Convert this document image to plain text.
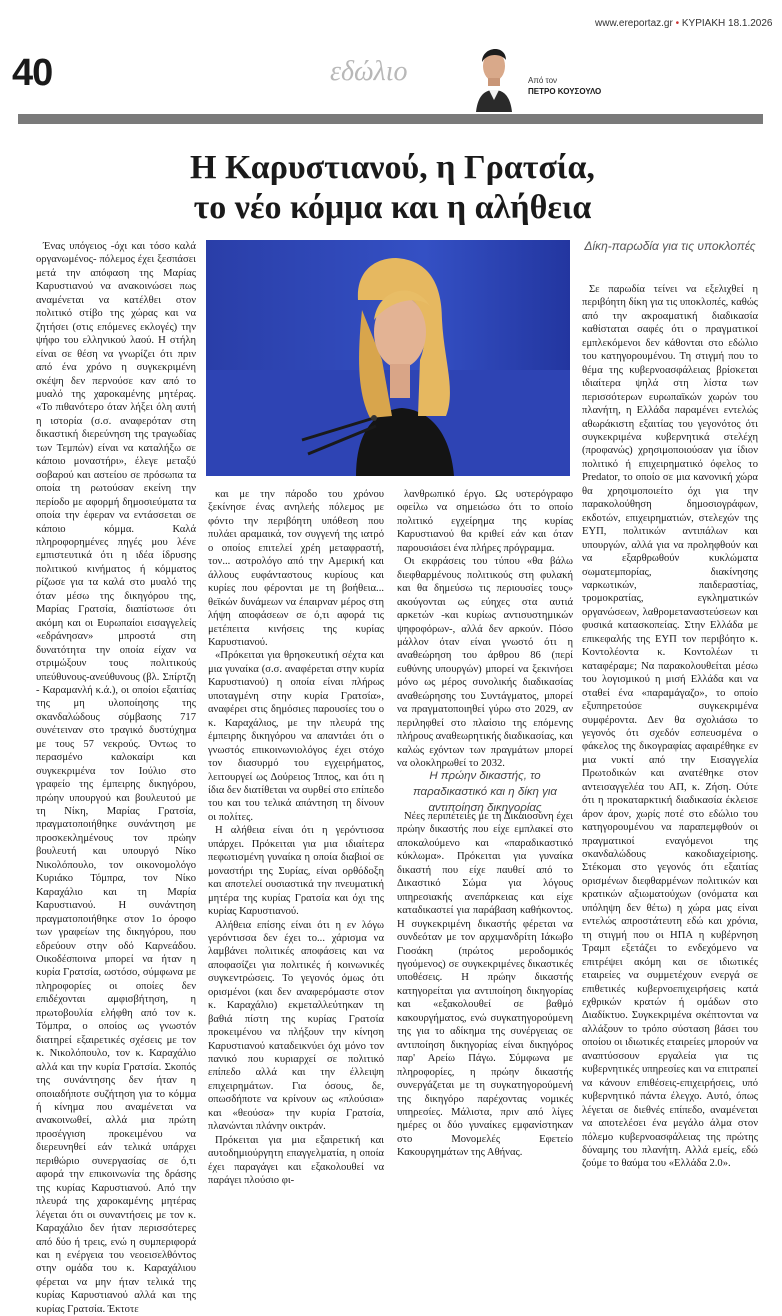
www.ereportaz.gr • ΚΥΡΙΑΚΗ 18.1.2026
40	εδώλιο	Από τον
ΠΕΤΡΟ ΚΟΥΣΟΥΛΟ
Η Καρυστιανού, η Γρατσία,
το νέο κόμμα και η αλήθεια

Ένας υπόγειος -όχι και τόσο καλά οργανωμένος- πόλεμος έχει ξεσπάσει μετά την απόφαση της Μαρίας Καρυστιανού να ανακοινώσει πως αναμένεται να κατέλθει στον πολιτικό στίβο της χώρας και να ζητήσει (στις επόμενες εκλογές) την ψήφο του ελληνικού λαού. Η στήλη είναι σε θέση να γνωρίζει ότι πριν από ένα χρόνο η συγκεκριμένη σκέψη δεν περνούσε καν από το μυαλό της χαροκαμένης μητέρας. «Το πιθανότερο όταν λήξει όλη αυτή η ιστορία (σ.σ. αναφερόταν στη δικαστική διερεύνηση της τραγωδίας των Τεμπών) είναι να καταλήξω σε κάποιο μοναστήρι», έλεγε μεταξύ σοβαρού και αστείου σε πρόσωπα τα οποία τη ρωτούσαν εκείνη την περίοδο με αφορμή δημοσιεύματα τα οποία την έφεραν να εντάσσεται σε κάποιο κόμμα. Καλά πληροφορημένες πηγές μου λένε εμπιστευτικά ότι η ιδέα ίδρυσης πολιτικού κινήματος ή κόμματος ρίζωσε για τα καλά στο μυαλό της όταν μέσω της δικηγόρου της, Μαρίας Γρατσία, διαπίστωσε ότι ακόμη και οι Ευρωπαίοι εισαγγελείς «εδράνησαν» μπροστά στη δυνατότητα την οποία είχαν να στριμώξουν τους πολιτικούς υπεύθυνους-ανεύθυνους (βλ. Σπίρτζη - Καραμανλή κ.ά.), οι οποίοι εξαιτίας της μη υλοποίησης της σκανδαλώδους σύμβασης 717 συνέτειναν στο τραγικό δυστύχημα με τους 57 νεκρούς. Όντως το περασμένο καλοκαίρι και συγκεκριμένα τον Ιούλιο στο γραφείο της έμπειρης δικηγόρου, πρώην υπουργού και βουλευτού με τη Νίκη, Μαρίας Γρατσία, πραγματοποιήθηκε συνάντηση με προσκεκλημένους τον πρώην βουλευτή και υπουργό Νίκο Νικολόπουλο, τον οικονομολόγο Κυριάκο Τόμπρα, τον Νίκο Καραχάλιο και τη Μαρία Καρυστιανού. Η συνάντηση πραγματοποιήθηκε στον 1ο όροφο των γραφείων της δικηγόρου, που εδρεύουν στην οδό Καρνεάδου. Οικοδέσποινα μπορεί να ήταν η κυρία Γρατσία, ωστόσο, σύμφωνα με πληροφορίες οι οποίες δεν επιδέχονται αμφισβήτηση, η πρωτοβουλία ελήφθη από τον κ. Τόμπρα, ο οποίος ως γνωστόν διατηρεί εξαιρετικές σχέσεις με τον κ. Νικολόπουλο, τον κ. Καραχάλιο αλλά και την κυρία Γρατσία. Σκοπός της συνάντησης δεν ήταν η οποιαδήποτε συζήτηση για το κόμμα ή κίνημα που αναμένεται να ανακοινωθεί, αλλά μια πρώτη προσέγγιση προκειμένου να διερευνηθεί εάν τελικά υπάρχει περιθώριο συνεργασίας σε ό,τι αφορά την επικοινωνία της δράσης της κυρίας Καρυστιανού. Από την πλευρά της χαροκαμένης μητέρας λέγεται ότι οι συναντήσεις με τον κ. Καραχάλιο δεν ήταν περισσότερες από δύο ή τρεις, ενώ η συμπεριφορά και η ενέργεια του νεοεισελθόντος στην ομάδα του κ. Καραχάλιου φέρεται να μην ήταν τελικά της κυρίας Καρυστιανού αλλά και της κυρίας Γρατσία. Έκτοτε

και με την πάροδο του χρόνου ξεκίνησε ένας ανηλεής πόλεμος με φόντο την περιβόητη υπόθεση που πυλάει αραμαικά, τον συγγενή της ιατρό ο οποίος επιτελεί χρέη μεταφραστή, τον... αστρολόγο από την Αμερική και άλλους ευφάνταστους κυρίους και κυρίες που φέρονται με τη βοήθεια... θεϊκών δυνάμεων να έπαιρναν μέρος στη λήψη αποφάσεων σε ό,τι αφορά τις μετέπειτα κινήσεις της κυρίας Καρυστιανού.

«Πρόκειται για θρησκευτική σέχτα και μια γυναίκα (σ.σ. αναφέρεται στην κυρία Καρυστιανού) η οποία είναι πλήρως υποταγμένη στην κυρία Γρατσία», αναφέρει στις δημόσιες παρουσίες του ο κ. Καραχάλιος, με την πλευρά της έμπειρης δικηγόρου να απαντάει ότι ο γνωστός επικοινωνιολόγος έχει στόχο τον διασυρμό του εγχειρήματος, λειτουργεί ως Δούρειος Ίππος, και ότι η ίδια δεν διατίθεται να συρθεί στο επίπεδο του και του τελικά απάντηση τη δίνουν οι πολίτες.

Η αλήθεια είναι ότι η γερόντισσα υπάρχει. Πρόκειται για μια ιδιαίτερα πεφωτισμένη γυναίκα η οποία διαβιοί σε μοναστήρι της Συρίας, είναι ορθόδοξη και αποτελεί ουσιαστικά την πνευματική μητέρα της κυρίας Γρατσία και όχι της κυρίας Καρυστιανού.

Αλήθεια επίσης είναι ότι η εν λόγω γερόντισσα δεν έχει το... χάρισμα να λαμβάνει πολιτικές αποφάσεις και να αποφασίζει για πολιτικές ή κοινωνικές συγκεντρώσεις. Το γεγονός όμως ότι ορισμένοι (και δεν αναφερόμαστε στον κ. Καραχάλιο) εκμεταλλεύτηκαν τη βαθιά πίστη της κυρίας Γρατσία προκειμένου να πλήξουν την κίνηση Καρυστιανού καταδεικνύει όχι μόνο τον πανικό που κυριαρχεί σε πολιτικό επίπεδο αλλά και την έλλειψη επιχειρημάτων. Για όσους, δε, οπωσδήποτε να κρίνουν ως «πλούσια» και «θεούσα» την κυρία Γρατσία, πλανώνται πλάνην οικτράν.

Πρόκειται για μια εξαιρετική και αυτοδημιούργητη επαγγελματία, η οποία έχει παραγάγει και εξακολουθεί να παράγει πλούσιο φι-

λανθρωπικό έργο. Ως υστερόγραφο οφείλω να σημειώσω ότι το οποίο πολιτικό εγχείρημα της κυρίας Καρυστιανού θα κριθεί εάν και όταν παρουσιάσει ένα πλήρες πρόγραμμα.

Οι εκφράσεις του τύπου «θα βάλω διεφθαρμένους πολιτικούς στη φυλακή και θα δημεύσω τις περιουσίες τους» ακούγονται ως εύηχες στα αυτιά αρκετών -και κυρίως αντισυστημικών ψηφοφόρων-, αλλά δεν αρκούν. Πόσο μάλλον όταν είναι γνωστό ότι η αναθεώρηση του άρθρου 86 (περί ευθύνης υπουργών) μπορεί να ξεκινήσει μόνο ως μέρος συνολικής διαδικασίας αναθεώρησης του Συντάγματος, μπορεί να πραγματοποιηθεί γύρω στο 2029, αν περιληφθεί στο πλαίσιο της επόμενης πλήρους αναθεωρητικής διαδικασίας, και καλώς εχόντων των πραγμάτων μπορεί να ολοκληρωθεί το 2032.

Η πρώην δικαστής, το παραδικαστικό και η δίκη για αντιποίηση δικηγορίας

Νέες περιπέτειες με τη Δικαιοσύνη έχει πρώην δικαστής που είχε εμπλακεί στο αποκαλούμενο και «παραδικαστικό κύκλωμα». Πρόκειται για γυναίκα δικαστή που είχε παυθεί από το Δικαστικό Σώμα για λόγους υπηρεσιακής ανεπάρκειας και είχε καταδικαστεί για παράβαση καθήκοντος. Η συγκεκριμένη δικαστής φέρεται να συνδεόταν με τον αρχιμανδρίτη Ιάκωβο Γιοσάκη (πρώτος μεροδομικός ηγούμενος) σε συγκεκριμένες δικαστικές υποθέσεις. Η πρώην δικαστής κατηγορείται για αντιποίηση δικηγορίας και «εξακολουθεί σε βαθμό κακουργήματος, ενώ συγκατηγορούμενη της για το αδίκημα της συνέργειας σε αντιποίηση δικηγορίας είναι δικηγόρος παρ' Αρείω Πάγω. Σύμφωνα με πληροφορίες, η πρώην δικαστής συνεργάζεται με τη συγκατηγορούμενή της δικηγόρο παρέχοντας νομικές υπηρεσίες. Μάλιστα, πριν από λίγες ημέρες οι δύο γυναίκες εμφανίστηκαν στο Μονομελές Εφετείο Κακουργημάτων της Αθήνας.

Δίκη-παρωδία για τις υποκλοπές

Σε παρωδία τείνει να εξελιχθεί η περιβόητη δίκη για τις υποκλοπές, καθώς από την ακροαματική διαδικασία καθίσταται σαφές ότι ο πραγματικοί εμπλεκόμενοι δεν κάθονται στο εδώλιο του κατηγορουμένου. Τη στιγμή που το θέμα της κυβερνοασφάλειας βρίσκεται ιδιαίτερα ψηλά στη λίστα των περισσότερων ευρωπαϊκών χωρών του πλανήτη, η Ελλάδα παραμένει εντελώς αθωράκιστη εξαιτίας του γεγονότος ότι συγκεκριμένα κυβερνητικά στελέχη (προφανώς) χρησιμοποιούσαν για ίδιον πολιτικό ή επιχειρηματικό όφελος το Predator, το οποίο σε μια κανονική χώρα θα χρησιμοποιείτο όχι για την παρακολούθηση δημοσιογράφων, εκδοτών, επιχειρηματιών, στελεχών της ΕΥΠ, πολιτικών αντιπάλων και υπουργών, αλλά για να προληφθούν και να εξαρθρωθούν κυκλώματα σωματεμπορίας, διακίνησης ναρκωτικών, παιδεραστίας, τρομοκρατίας, εγκληματικών οργανώσεων, λαθρομεταναστεύσεων και φυσικά κατασκοπείας. Στην Ελλάδα με επικεφαλής της ΕΥΠ τον περιβόητο κ. Κοντολέοντα κ. Κοντολέων τι καταφέραμε; Να παρακολουθείται μέσω του λογισμικού η μισή Ελλάδα και να σταθεί ένα «παραμάγαζο», το οποίο εξυπηρετούσε συγκεκριμένα συμφέροντα. Δεν θα σχολιάσω το γεγονός ότι σχεδόν εσπευσμένα ο φάκελος της δικογραφίας αφαιρέθηκε εν μια νυκτί από την Εισαγγελία Πρωτοδικών και ανατέθηκε στον αντεισαγγελέα του ΑΠ, κ. Ζήση. Ούτε ότι η προκαταρκτική διαδικασία έκλεισε άρον άρον, χωρίς ποτέ στο εδώλιο του κατηγορουμένου να παραπεμφθούν οι πραγματικοί εναγόμενοι της σκανδαλώδους κακοδιαχείρισης. Στέκομαι στο γεγονός ότι εξαιτίας ορισμένων διεφθαρμένων πολιτικών και κρατικών αξιωματούχων (ονόματα και υπόληψη δεν θέτω) η χώρα μας είναι εντελώς απροστάτευτη εδώ και χρόνια, τη στιγμή που οι ΗΠΑ η κυβέρνηση Τραμπ εξετάζει το ενδεχόμενο να επιτρέψει ακόμη και σε ιδιωτικές εταιρείες να συμμετέχουν ενεργά σε επιθετικές κυβερνοεπιχειρήσεις κατά εχθρικών κρατών ή ομάδων στο Διαδίκτυο. Συγκεκριμένα σκέπτονται να αλλάξουν το τρόπο σύσταση βάσει του οποίου οι ιδιωτικές εταιρείες μπορούν να αναπτύσσουν εργαλεία για τις κυβερνητικές υπηρεσίες και να επιτραπεί να κάνουν επιθέσεις-επιχειρήσεις, υπό κυβερνητικό πάντα έλεγχο. Αυτό, όπως λέγεται σε διεθνές επίπεδο, αναμένεται να αποτελέσει ένα μεγάλο άλμα στον πόλεμο κυβερνοασφάλειας της πρώτης δύναμης του πλανήτη. Αλλά εμείς, εδώ ζούμε το θαύμα του «Ελλάδα 2.0».
